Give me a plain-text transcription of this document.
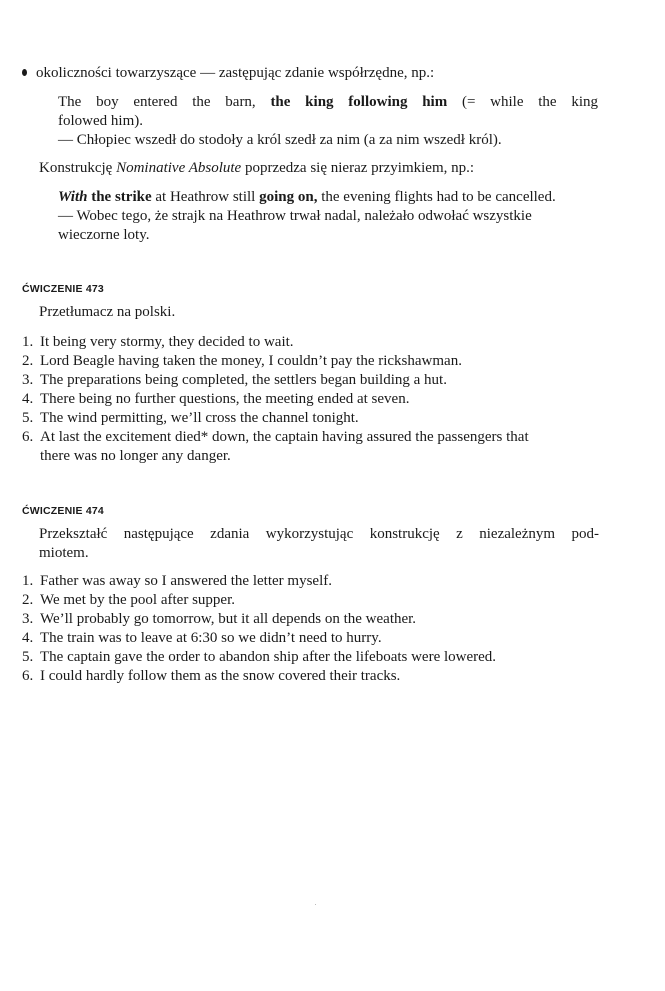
okoliczności towarzyszące — zastępując zdanie współrzędne, np.:
The boy entered the barn, the king following him (= while the king
folowed him).
— Chłopiec wszedł do stodoły a król szedł za nim (a za nim wszedł król).
Konstrukcję Nominative Absolute poprzedza się nieraz przyimkiem, np.:
With the strike at Heathrow still going on, the evening flights had to be cancelled.
— Wobec tego, że strajk na Heathrow trwał nadal, należało odwołać wszystkie
wieczorne loty.
ĆWICZENIE 473
Przetłumacz na polski.
1. It being very stormy, they decided to wait.
2. Lord Beagle having taken the money, I couldn’t pay the rickshawman.
3. The preparations being completed, the settlers began building a hut.
4. There being no further questions, the meeting ended at seven.
5. The wind permitting, we’ll cross the channel tonight.
6. At last the excitement died* down, the captain having assured the passengers that
there was no longer any danger.
ĆWICZENIE 474
Przekształć następujące zdania wykorzystując konstrukcję z niezależnym pod-
miotem.
1. Father was away so I answered the letter myself.
2. We met by the pool after supper.
3. We’ll probably go tomorrow, but it all depends on the weather.
4. The train was to leave at 6:30 so we didn’t need to hurry.
5. The captain gave the order to abandon ship after the lifeboats were lowered.
6. I could hardly follow them as the snow covered their tracks.
